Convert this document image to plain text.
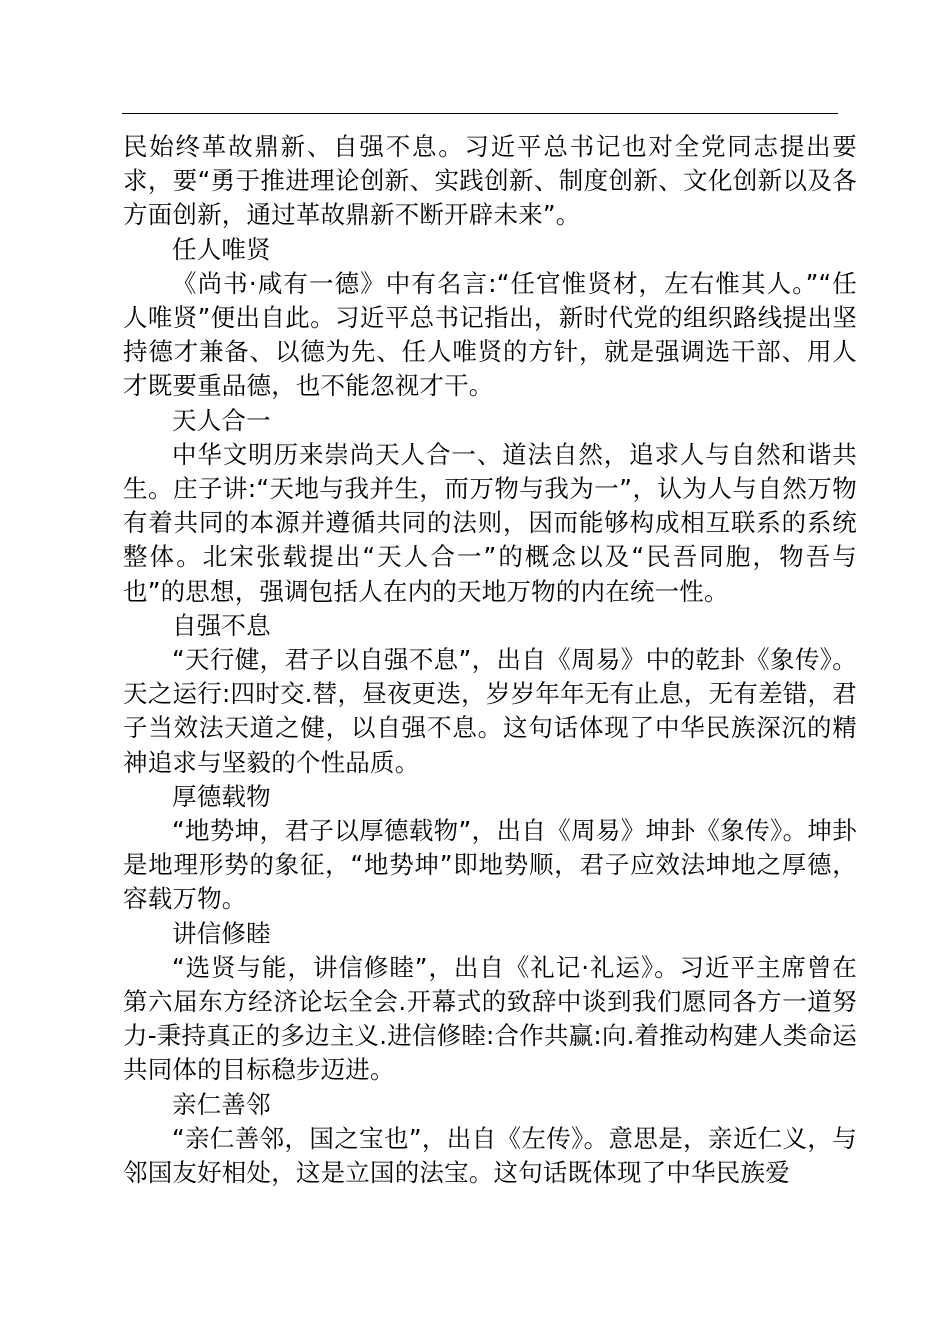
民始终革故鼎新、自强不息。习近平总书记也对全党同志提出要求，要“勇于推进理论创新、实践创新、制度创新、文化创新以及各方面创新，通过革故鼎新不断开辟未来”。

任人唯贤

《尚书·咸有一德》中有名言:“任官惟贤材，左右惟其人。”“任人唯贤”便出自此。习近平总书记指出，新时代党的组织路线提出坚持德才兼备、以德为先、任人唯贤的方针，就是强调选干部、用人才既要重品德，也不能忽视才干。

天人合一

中华文明历来崇尚天人合一、道法自然，追求人与自然和谐共生。庄子讲:“天地与我并生，而万物与我为一”，认为人与自然万物有着共同的本源并遵循共同的法则，因而能够构成相互联系的系统整体。北宋张载提出“天人合一”的概念以及“民吾同胞，物吾与也”的思想，强调包括人在内的天地万物的内在统一性。

自强不息

“天行健，君子以自强不息”，出自《周易》中的乾卦《象传》。天之运行:四时交.替，昼夜更迭，岁岁年年无有止息，无有差错，君子当效法天道之健，以自强不息。这句话体现了中华民族深沉的精神追求与坚毅的个性品质。

厚德载物

“地势坤，君子以厚德载物”，出自《周易》坤卦《象传》。坤卦是地理形势的象征，“地势坤”即地势顺，君子应效法坤地之厚德，容载万物。

讲信修睦

“选贤与能，讲信修睦”，出自《礼记·礼运》。习近平主席曾在第六届东方经济论坛全会.开幕式的致辞中谈到我们愿同各方一道努力-秉持真正的多边主义.进信修睦:合作共赢:向.着推动构建人类命运共同体的目标稳步迈进。

亲仁善邻

“亲仁善邻，国之宝也”，出自《左传》。意思是，亲近仁义，与邻国友好相处，这是立国的法宝。这句话既体现了中华民族爱
